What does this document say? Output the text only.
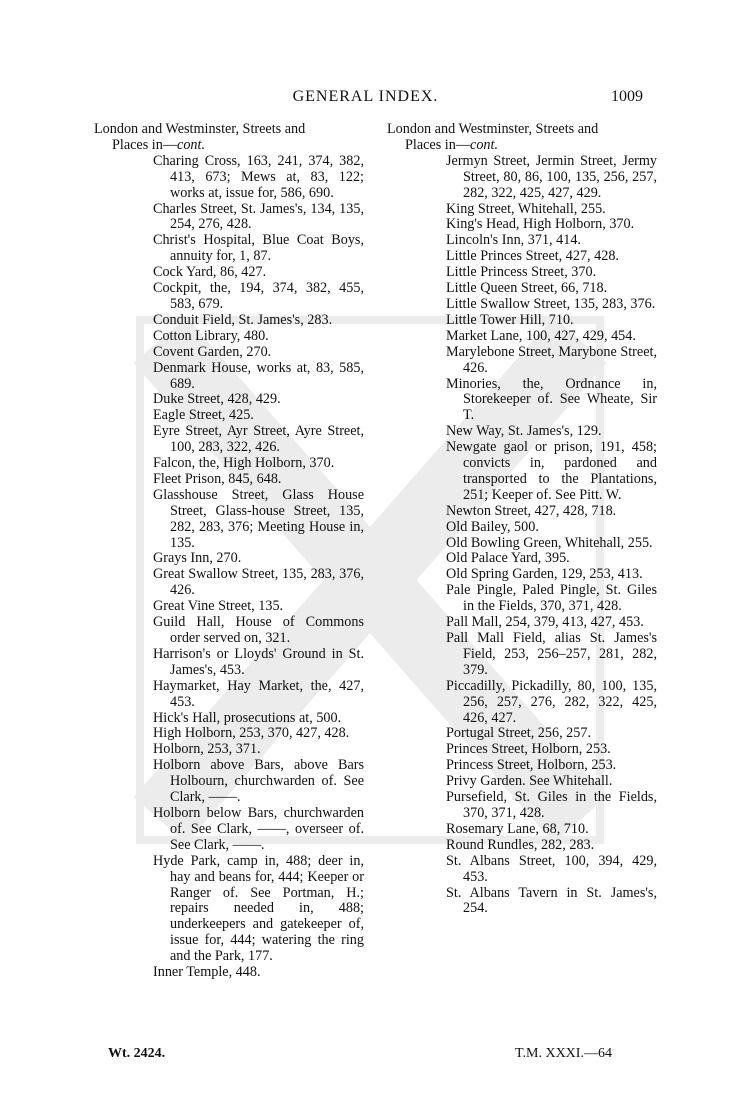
GENERAL INDEX.	1009
London and Westminster, Streets and
Places in—cont.
Charing Cross, 163, 241, 374, 382, 413, 673; Mews at, 83, 122; works at, issue for, 586, 690.
Charles Street, St. James's, 134, 135, 254, 276, 428.
Christ's Hospital, Blue Coat Boys, annuity for, 1, 87.
Cock Yard, 86, 427.
Cockpit, the, 194, 374, 382, 455, 583, 679.
Conduit Field, St. James's, 283.
Cotton Library, 480.
Covent Garden, 270.
Denmark House, works at, 83, 585, 689.
Duke Street, 428, 429.
Eagle Street, 425.
Eyre Street, Ayr Street, Ayre Street, 100, 283, 322, 426.
Falcon, the, High Holborn, 370.
Fleet Prison, 845, 648.
Glasshouse Street, Glass House Street, Glass-house Street, 135, 282, 283, 376; Meeting House in, 135.
Grays Inn, 270.
Great Swallow Street, 135, 283, 376, 426.
Great Vine Street, 135.
Guild Hall, House of Commons order served on, 321.
Harrison's or Lloyds' Ground in St. James's, 453.
Haymarket, Hay Market, the, 427, 453.
Hick's Hall, prosecutions at, 500.
High Holborn, 253, 370, 427, 428.
Holborn, 253, 371.
Holborn above Bars, above Bars Holbourn, churchwarden of. See Clark, ——.
Holborn below Bars, churchwarden of. See Clark, ——, overseer of. See Clark, ——.
Hyde Park, camp in, 488; deer in, hay and beans for, 444; Keeper or Ranger of. See Portman, H.; repairs needed in, 488; underkeepers and gatekeeper of, issue for, 444; watering the ring and the Park, 177.
Inner Temple, 448.
London and Westminster, Streets and
Places in—cont.
Jermyn Street, Jermin Street, Jermy Street, 80, 86, 100, 135, 256, 257, 282, 322, 425, 427, 429.
King Street, Whitehall, 255.
King's Head, High Holborn, 370.
Lincoln's Inn, 371, 414.
Little Princes Street, 427, 428.
Little Princess Street, 370.
Little Queen Street, 66, 718.
Little Swallow Street, 135, 283, 376.
Little Tower Hill, 710.
Market Lane, 100, 427, 429, 454.
Marylebone Street, Marybone Street, 426.
Minories, the, Ordnance in, Storekeeper of. See Wheate, Sir T.
New Way, St. James's, 129.
Newgate gaol or prison, 191, 458; convicts in, pardoned and transported to the Plantations, 251; Keeper of. See Pitt. W.
Newton Street, 427, 428, 718.
Old Bailey, 500.
Old Bowling Green, Whitehall, 255.
Old Palace Yard, 395.
Old Spring Garden, 129, 253, 413.
Pale Pingle, Paled Pingle, St. Giles in the Fields, 370, 371, 428.
Pall Mall, 254, 379, 413, 427, 453.
Pall Mall Field, alias St. James's Field, 253, 256–257, 281, 282, 379.
Piccadilly, Pickadilly, 80, 100, 135, 256, 257, 276, 282, 322, 425, 426, 427.
Portugal Street, 256, 257.
Princes Street, Holborn, 253.
Princess Street, Holborn, 253.
Privy Garden. See Whitehall.
Pursefield, St. Giles in the Fields, 370, 371, 428.
Rosemary Lane, 68, 710.
Round Rundles, 282, 283.
St. Albans Street, 100, 394, 429, 453.
St. Albans Tavern in St. James's, 254.
Wt. 2424.	T.M. XXXI.—64
